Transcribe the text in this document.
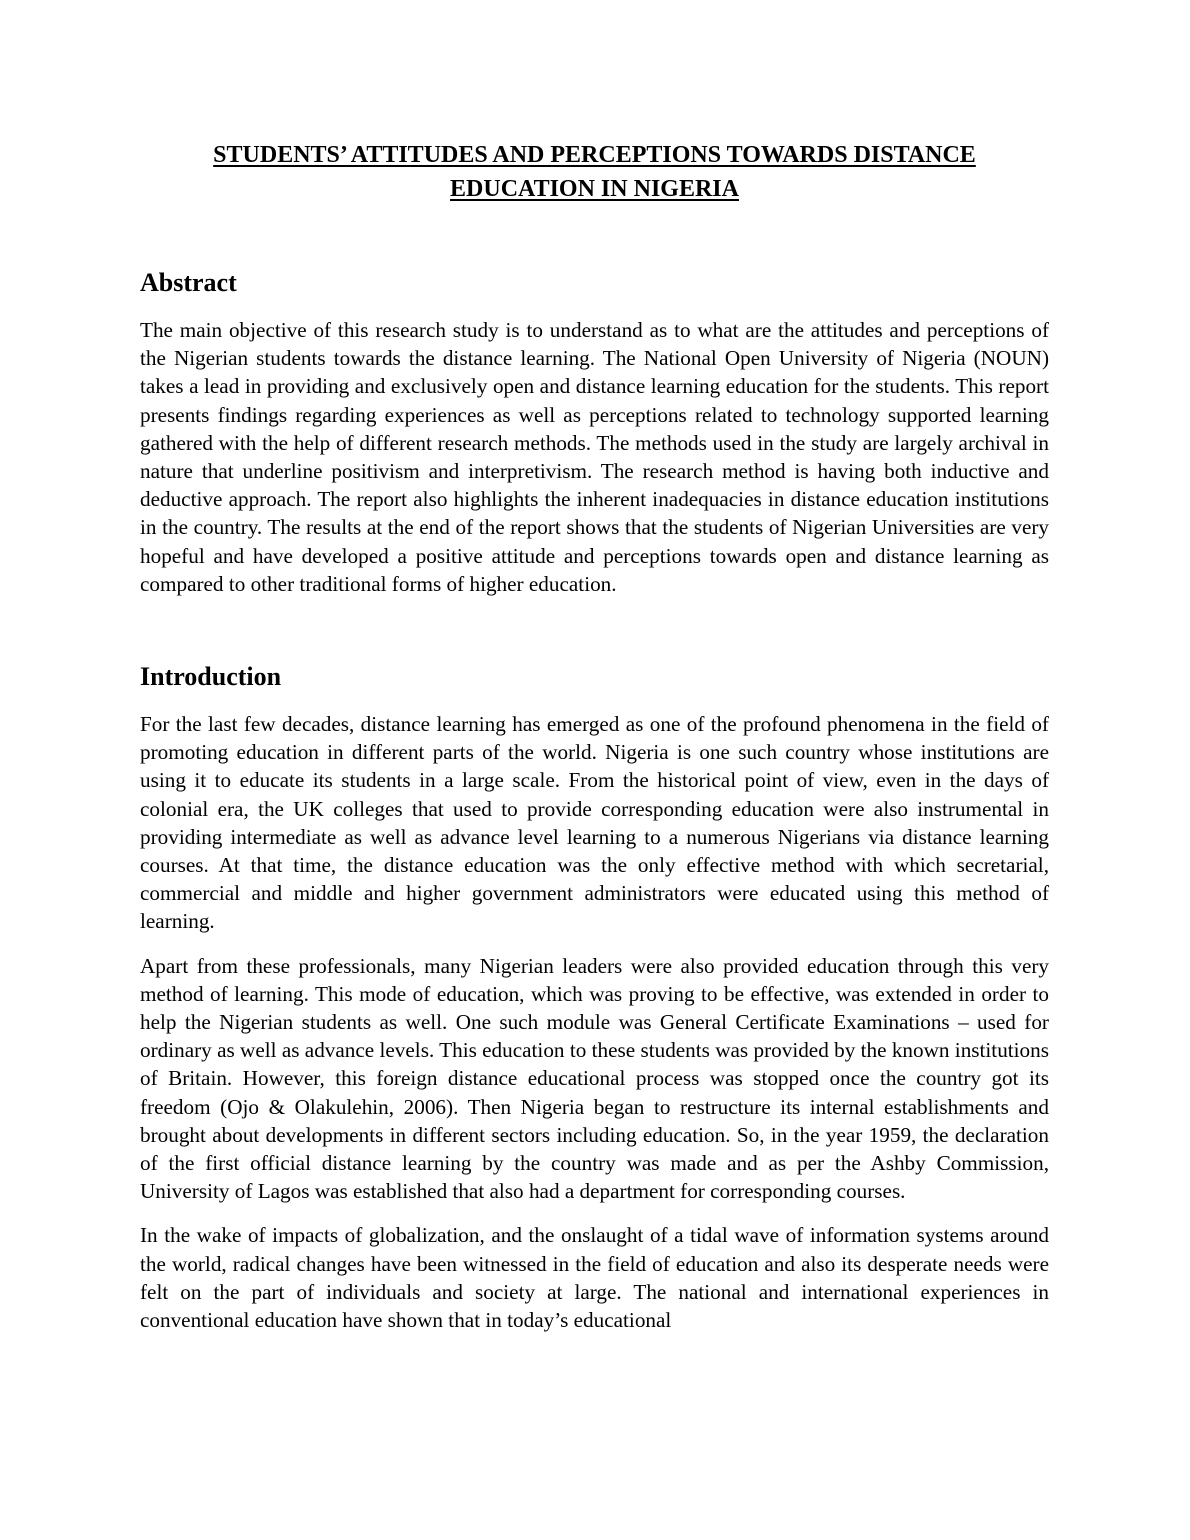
STUDENTS’ ATTITUDES AND PERCEPTIONS TOWARDS DISTANCE
EDUCATION IN NIGERIA
Abstract

The main objective of this research study is to understand as to what are the attitudes and perceptions of the Nigerian students towards the distance learning. The National Open University of Nigeria (NOUN) takes a lead in providing and exclusively open and distance learning education for the students. This report presents findings regarding experiences as well as perceptions related to technology supported learning gathered with the help of different research methods. The methods used in the study are largely archival in nature that underline positivism and interpretivism. The research method is having both inductive and deductive approach. The report also highlights the inherent inadequacies in distance education institutions in the country. The results at the end of the report shows that the students of Nigerian Universities are very hopeful and have developed a positive attitude and perceptions towards open and distance learning as compared to other traditional forms of higher education.

Introduction

For the last few decades, distance learning has emerged as one of the profound phenomena in the field of promoting education in different parts of the world. Nigeria is one such country whose institutions are using it to educate its students in a large scale. From the historical point of view, even in the days of colonial era, the UK colleges that used to provide corresponding education were also instrumental in providing intermediate as well as advance level learning to a numerous Nigerians via distance learning courses. At that time, the distance education was the only effective method with which secretarial, commercial and middle and higher government administrators were educated using this method of learning.

Apart from these professionals, many Nigerian leaders were also provided education through this very method of learning. This mode of education, which was proving to be effective, was extended in order to help the Nigerian students as well. One such module was General Certificate Examinations – used for ordinary as well as advance levels. This education to these students was provided by the known institutions of Britain. However, this foreign distance educational process was stopped once the country got its freedom (Ojo & Olakulehin, 2006). Then Nigeria began to restructure its internal establishments and brought about developments in different sectors including education. So, in the year 1959, the declaration of the first official distance learning by the country was made and as per the Ashby Commission, University of Lagos was established that also had a department for corresponding courses.

In the wake of impacts of globalization, and the onslaught of a tidal wave of information systems around the world, radical changes have been witnessed in the field of education and also its desperate needs were felt on the part of individuals and society at large. The national and international experiences in conventional education have shown that in today’s educational
